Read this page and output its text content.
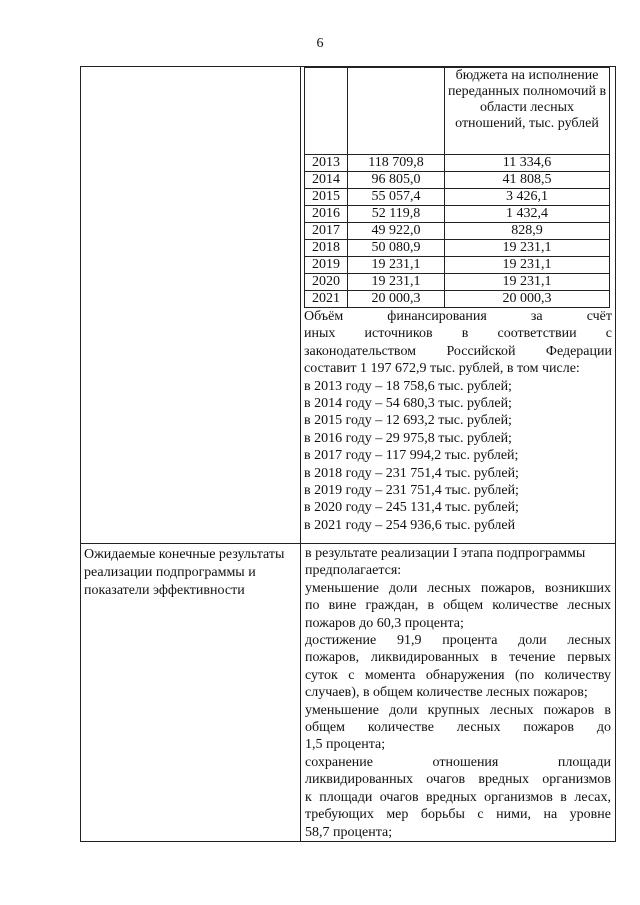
6

		бюджета на исполнение переданных полномочий в области лесных отношений, тыс. рублей
2013	118 709,8	11 334,6
2014	96 805,0	41 808,5
2015	55 057,4	3 426,1
2016	52 119,8	1 432,4
2017	49 922,0	828,9
2018	50 080,9	19 231,1
2019	19 231,1	19 231,1
2020	19 231,1	19 231,1
2021	20 000,3	20 000,3
Объём финансирования за счёт
иных источников в соответствии с
законодательством Российской Федерации
составит 1 197 672,9 тыс. рублей, в том числе:
в 2013 году – 18 758,6 тыс. рублей;
в 2014 году – 54 680,3 тыс. рублей;
в 2015 году – 12 693,2 тыс. рублей;
в 2016 году – 29 975,8 тыс. рублей;
в 2017 году – 117 994,2 тыс. рублей;
в 2018 году – 231 751,4 тыс. рублей;
в 2019 году – 231 751,4 тыс. рублей;
в 2020 году – 245 131,4 тыс. рублей;
в 2021 году – 254 936,6 тыс. рублей

Ожидаемые конечные результаты реализации подпрограммы и показатели эффективности

в результате реализации I этапа подпрограммы
предполагается:
уменьшение доли лесных пожаров, возникших
по вине граждан, в общем количестве лесных
пожаров до 60,3 процента;
достижение 91,9 процента доли лесных
пожаров, ликвидированных в течение первых
суток с момента обнаружения (по количеству
случаев), в общем количестве лесных пожаров;
уменьшение доли крупных лесных пожаров в
общем количестве лесных пожаров до
1,5 процента;
сохранение отношения площади
ликвидированных очагов вредных организмов
к площади очагов вредных организмов в лесах,
требующих мер борьбы с ними, на уровне
58,7 процента;
